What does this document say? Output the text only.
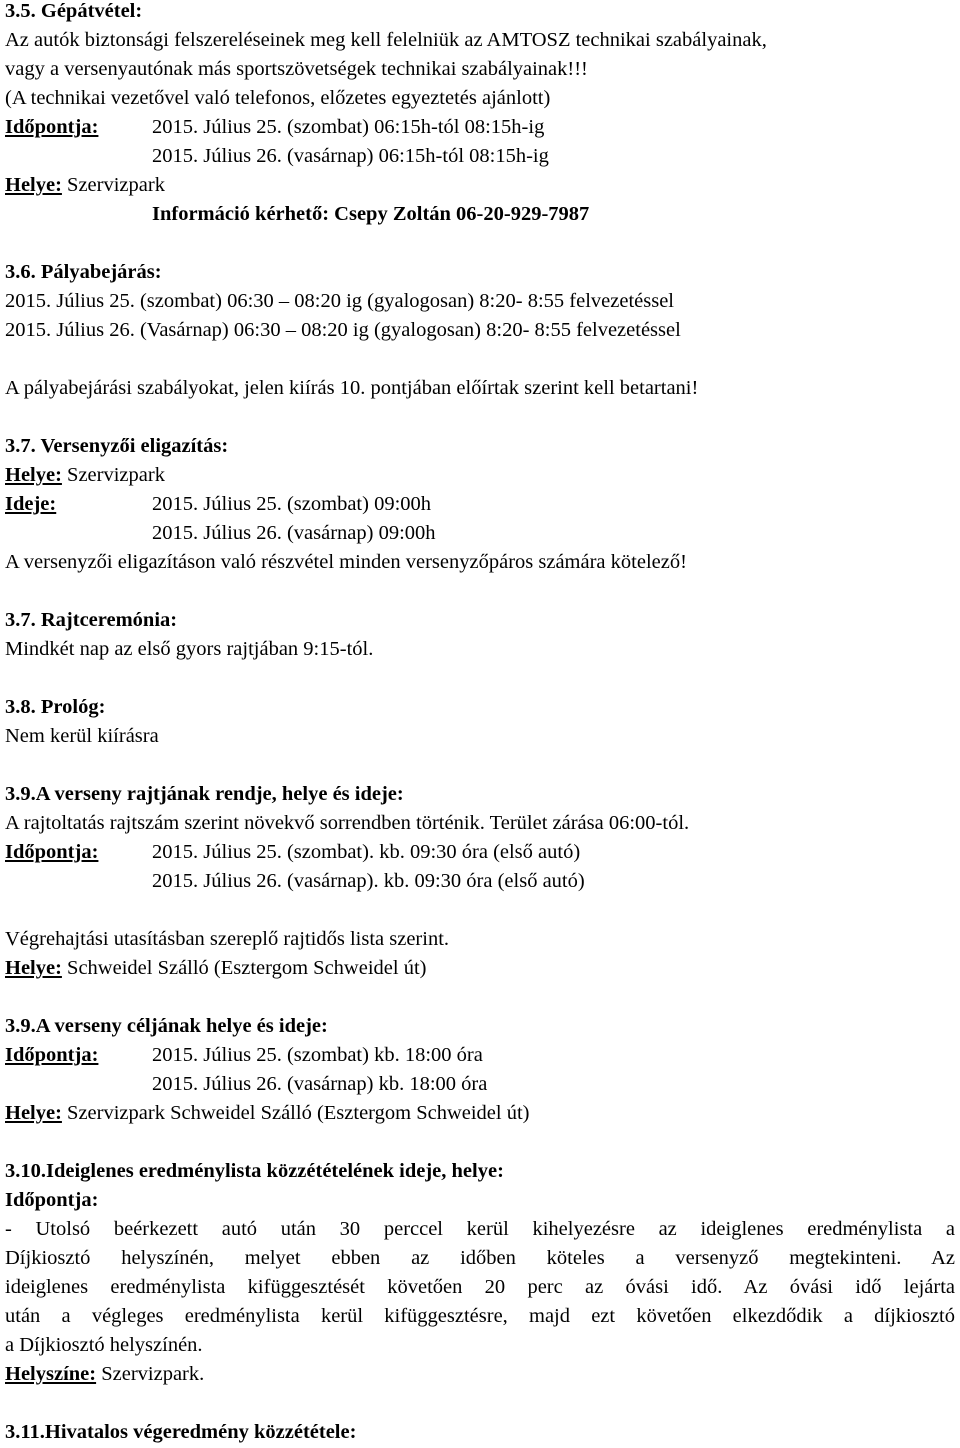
3.5. Gépátvétel:
Az autók biztonsági felszereléseinek meg kell felelniük az AMTOSZ technikai szabályainak,
vagy a versenyautónak más sportszövetségek technikai szabályainak!!!
(A technikai vezetővel való telefonos, előzetes egyeztetés ajánlott)
Időpontja:	2015. Július 25. (szombat) 06:15h-tól 08:15h-ig
2015. Július 26. (vasárnap) 06:15h-tól 08:15h-ig
Helye: Szervizpark
Információ kérhető: Csepy Zoltán 06-20-929-7987
3.6. Pályabejárás:
2015. Július 25. (szombat) 06:30 – 08:20 ig (gyalogosan) 8:20- 8:55 felvezetéssel
2015. Július 26. (Vasárnap) 06:30 – 08:20 ig (gyalogosan) 8:20- 8:55 felvezetéssel
A pályabejárási szabályokat, jelen kiírás 10. pontjában előírtak szerint kell betartani!
3.7. Versenyzői eligazítás:
Helye: Szervizpark
Ideje:	2015. Július 25. (szombat) 09:00h
2015. Július 26. (vasárnap) 09:00h
A versenyzői eligazításon való részvétel minden versenyzőpáros számára kötelező!
3.7. Rajtceremónia:
Mindkét nap az első gyors rajtjában 9:15-tól.
3.8. Prológ:
Nem kerül kiírásra
3.9.A verseny rajtjának rendje, helye és ideje:
A rajtoltatás rajtszám szerint növekvő sorrendben történik. Terület zárása 06:00-tól.
Időpontja:	2015. Július 25. (szombat). kb. 09:30 óra (első autó)
2015. Július 26. (vasárnap). kb. 09:30 óra (első autó)
Végrehajtási utasításban szereplő rajtidős lista szerint.
Helye: Schweidel Szálló (Esztergom Schweidel út)
3.9.A verseny céljának helye és ideje:
Időpontja:	2015. Július 25. (szombat) kb. 18:00 óra
2015. Július 26. (vasárnap) kb. 18:00 óra
Helye: Szervizpark Schweidel Szálló (Esztergom Schweidel út)
3.10.Ideiglenes eredménylista közzétételének ideje, helye:
Időpontja:
- Utolsó beérkezett autó után 30 perccel kerül kihelyezésre az ideiglenes eredménylista a
Díjkiosztó helyszínén, melyet ebben az időben köteles a versenyző megtekinteni. Az
ideiglenes eredménylista kifüggesztését követően 20 perc az óvási idő. Az óvási idő lejárta
után a végleges eredménylista kerül kifüggesztésre, majd ezt követően elkezdődik a díjkiosztó
a Díjkiosztó helyszínén.
Helyszíne: Szervizpark.
3.11.Hivatalos végeredmény közzététele:
